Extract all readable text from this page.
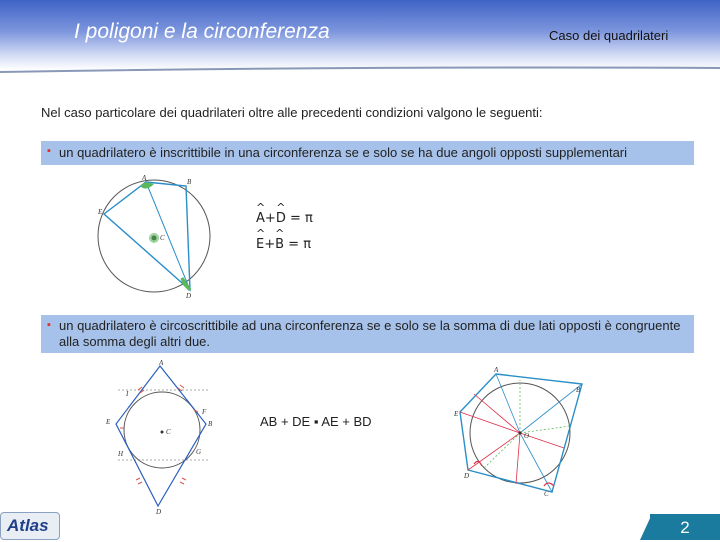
I poligoni e la circonferenza	Caso dei quadrilateri
Nel caso particolare dei quadrilateri oltre alle precedenti condizioni valgono le seguenti:
▪ un quadrilatero è inscrittibile in una circonferenza se e solo se ha due angoli opposti supplementari
A	B
C
D
E
^	A+^ D = π
^ E+^ B = π
▪ un quadrilatero è circoscrittibile ad una circonferenza se e solo se la somma di due lati opposti è congruente alla somma degli altri due.
A
B
C
D
E
F
G
H
I
AB + DE ▪ AE + BD
A
B
C
D
E
O
Atlas	2
